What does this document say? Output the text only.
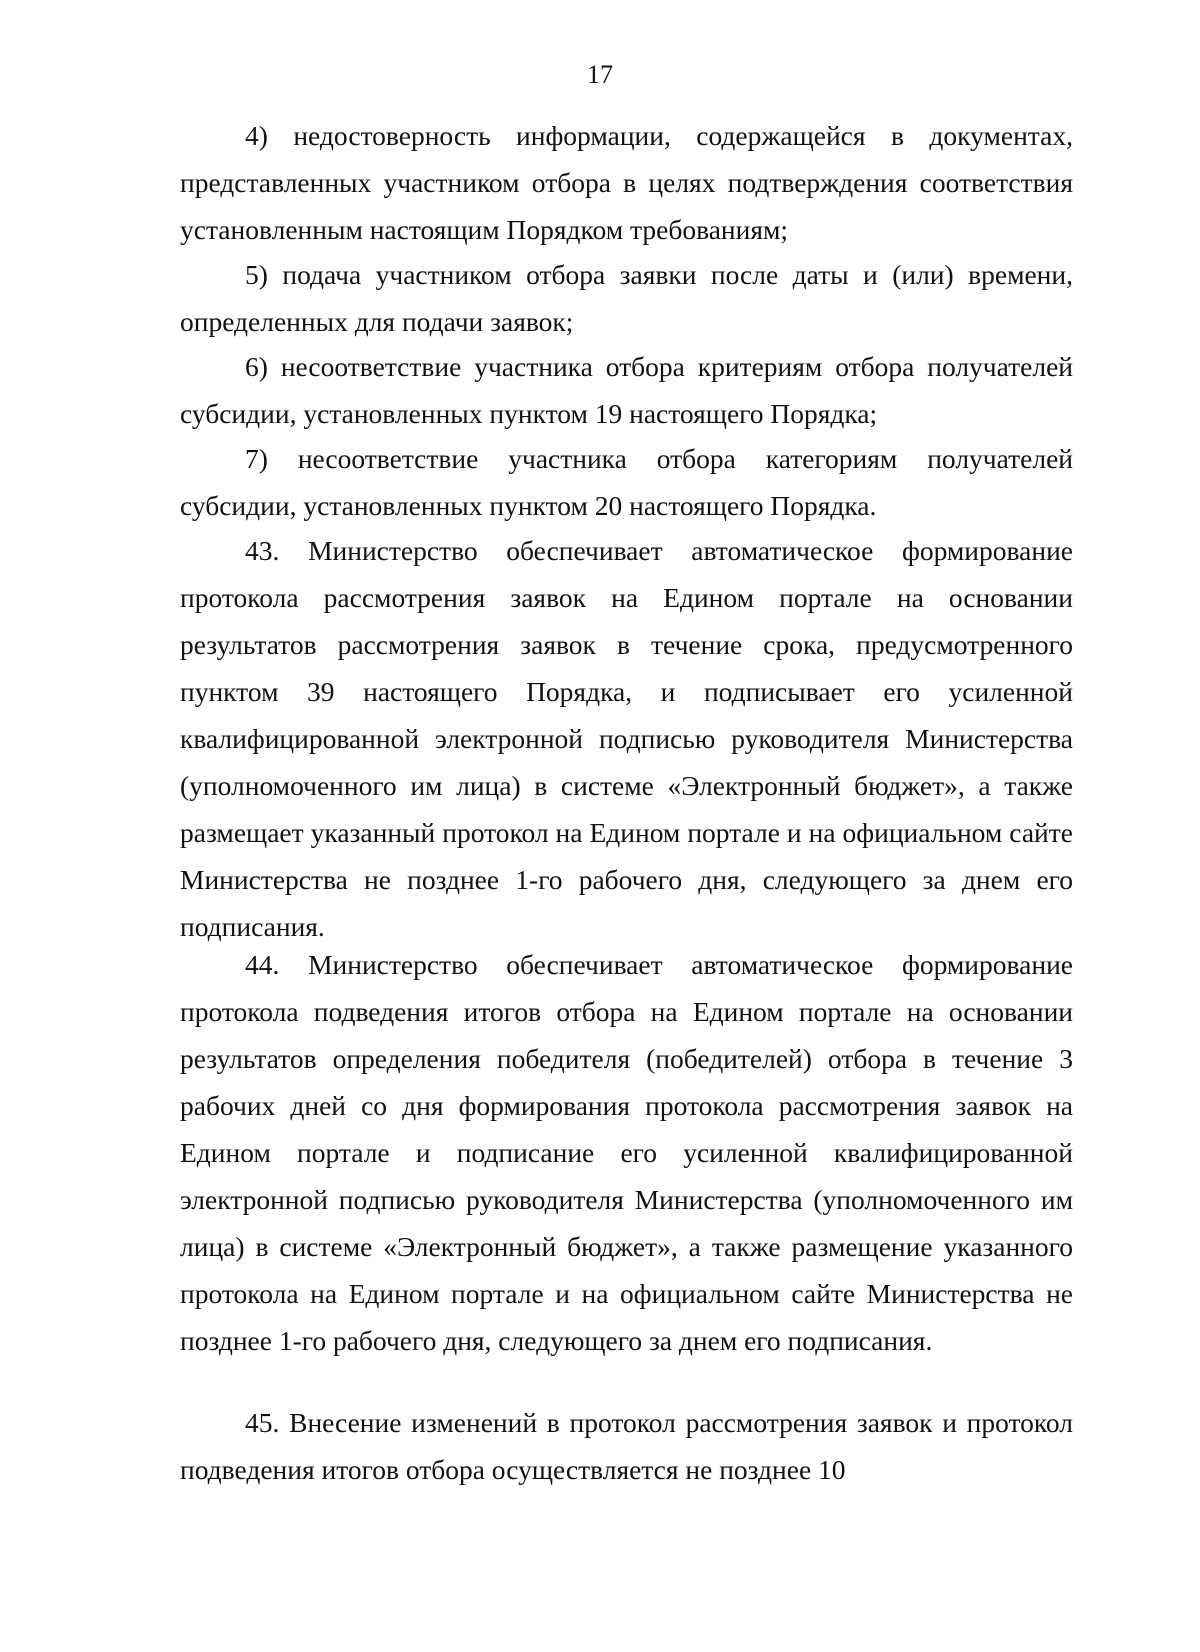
17

4) недостоверность информации, содержащейся в документах, представленных участником отбора в целях подтверждения соответствия установленным настоящим Порядком требованиям;

5) подача участником отбора заявки после даты и (или) времени, определенных для подачи заявок;

6) несоответствие участника отбора критериям отбора получателей субсидии, установленных пунктом 19 настоящего Порядка;

7) несоответствие участника отбора категориям получателей субсидии, установленных пунктом 20 настоящего Порядка.

43. Министерство обеспечивает автоматическое формирование протокола рассмотрения заявок на Едином портале на основании результатов рассмотрения заявок в течение срока, предусмотренного пунктом 39 настоящего Порядка, и подписывает его усиленной квалифицированной электронной подписью руководителя Министерства (уполномоченного им лица) в системе «Электронный бюджет», а также размещает указанный протокол на Едином портале и на официальном сайте Министерства не позднее 1-го рабочего дня, следующего за днем его подписания.

44. Министерство обеспечивает автоматическое формирование протокола подведения итогов отбора на Едином портале на основании результатов определения победителя (победителей) отбора в течение 3 рабочих дней со дня формирования протокола рассмотрения заявок на Едином портале и подписание его усиленной квалифицированной электронной подписью руководителя Министерства (уполномоченного им лица) в системе «Электронный бюджет», а также размещение указанного протокола на Едином портале и на официальном сайте Министерства не позднее 1-го рабочего дня, следующего за днем его подписания.

45. Внесение изменений в протокол рассмотрения заявок и протокол подведения итогов отбора осуществляется не позднее 10
